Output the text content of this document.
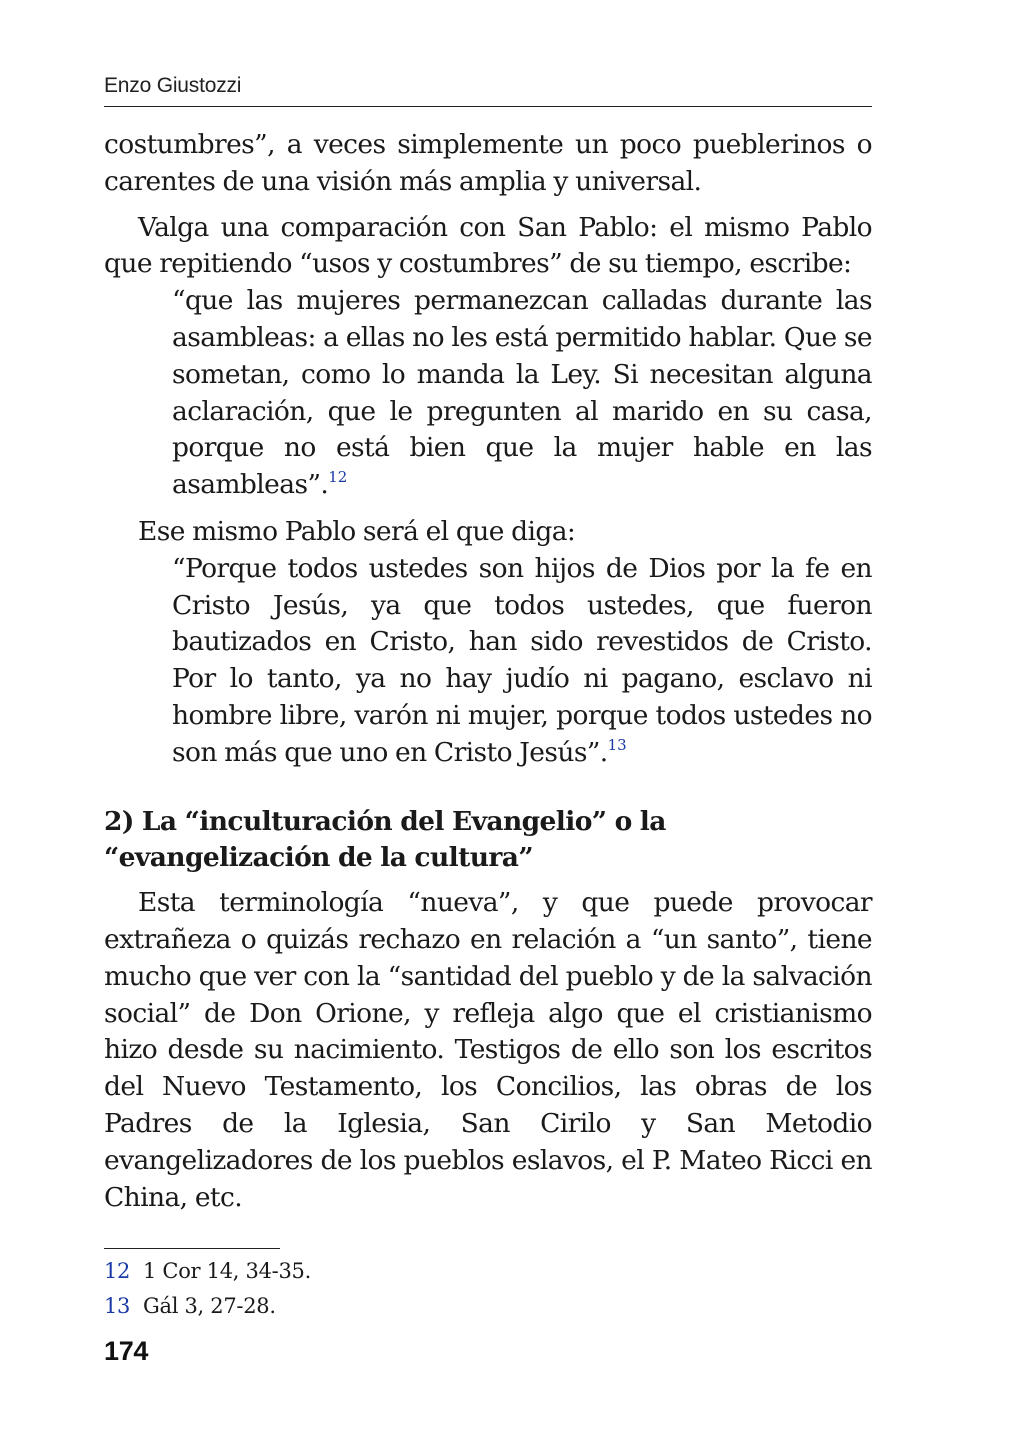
Enzo Giustozzi

costumbres”, a veces simplemente un poco pueblerinos o carentes de una visión más amplia y universal.

Valga una comparación con San Pablo: el mismo Pablo que repitiendo “usos y costumbres” de su tiempo, escribe:

“que las mujeres permanezcan calladas durante las asambleas: a ellas no les está permitido hablar. Que se sometan, como lo manda la Ley. Si necesitan alguna aclaración, que le pregunten al marido en su casa, porque no está bien que la mujer hable en las asambleas”.$^{12}$

Ese mismo Pablo será el que diga:

“Porque todos ustedes son hijos de Dios por la fe en Cristo Jesús, ya que todos ustedes, que fueron bautizados en Cristo, han sido revestidos de Cristo. Por lo tanto, ya no hay judío ni pagano, esclavo ni hombre libre, varón ni mujer, porque todos ustedes no son más que uno en Cristo Jesús”.$^{13}$

2) La “inculturación del Evangelio” o la
“evangelización de la cultura”

Esta terminología “nueva”, y que puede provocar extrañeza o quizás rechazo en relación a “un santo”, tiene mucho que ver con la “santidad del pueblo y de la salvación social” de Don Orione, y refleja algo que el cristianismo hizo desde su nacimiento. Testigos de ello son los escritos del Nuevo Testamento, los Concilios, las obras de los Padres de la Iglesia, San Cirilo y San Metodio evangelizadores de los pueblos eslavos, el P. Mateo Ricci en China, etc.

12 1 Cor 14, 34-35.

13 Gál 3, 27-28.

174
